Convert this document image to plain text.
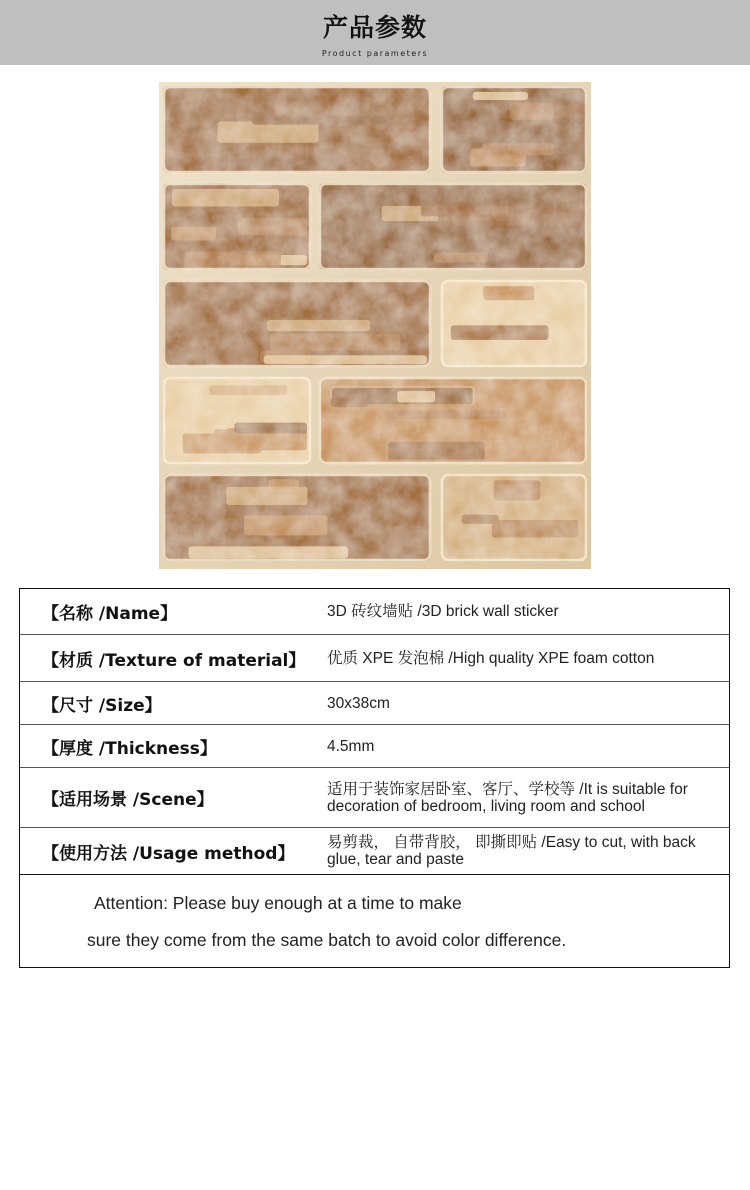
产品参数
Product parameters
【名称 /Name】	3D 砖纹墙贴 /3D brick wall sticker
【材质 /Texture of material】 优质 XPE 发泡棉 /High quality XPE foam cotton
【尺寸 /Size】	30x38cm
【厚度 /Thickness】	4.5mm
【适用场景 /Scene】
适用于装饰家居卧室、客厅、学校等 /It is suitable for decoration of bedroom, living room and school
【使用方法 /Usage method】
易剪裁， 自带背胶， 即撕即贴 /Easy to cut, with back glue, tear and paste
Attention: Please buy enough at a time to make
sure they come from the same batch to avoid color difference.
